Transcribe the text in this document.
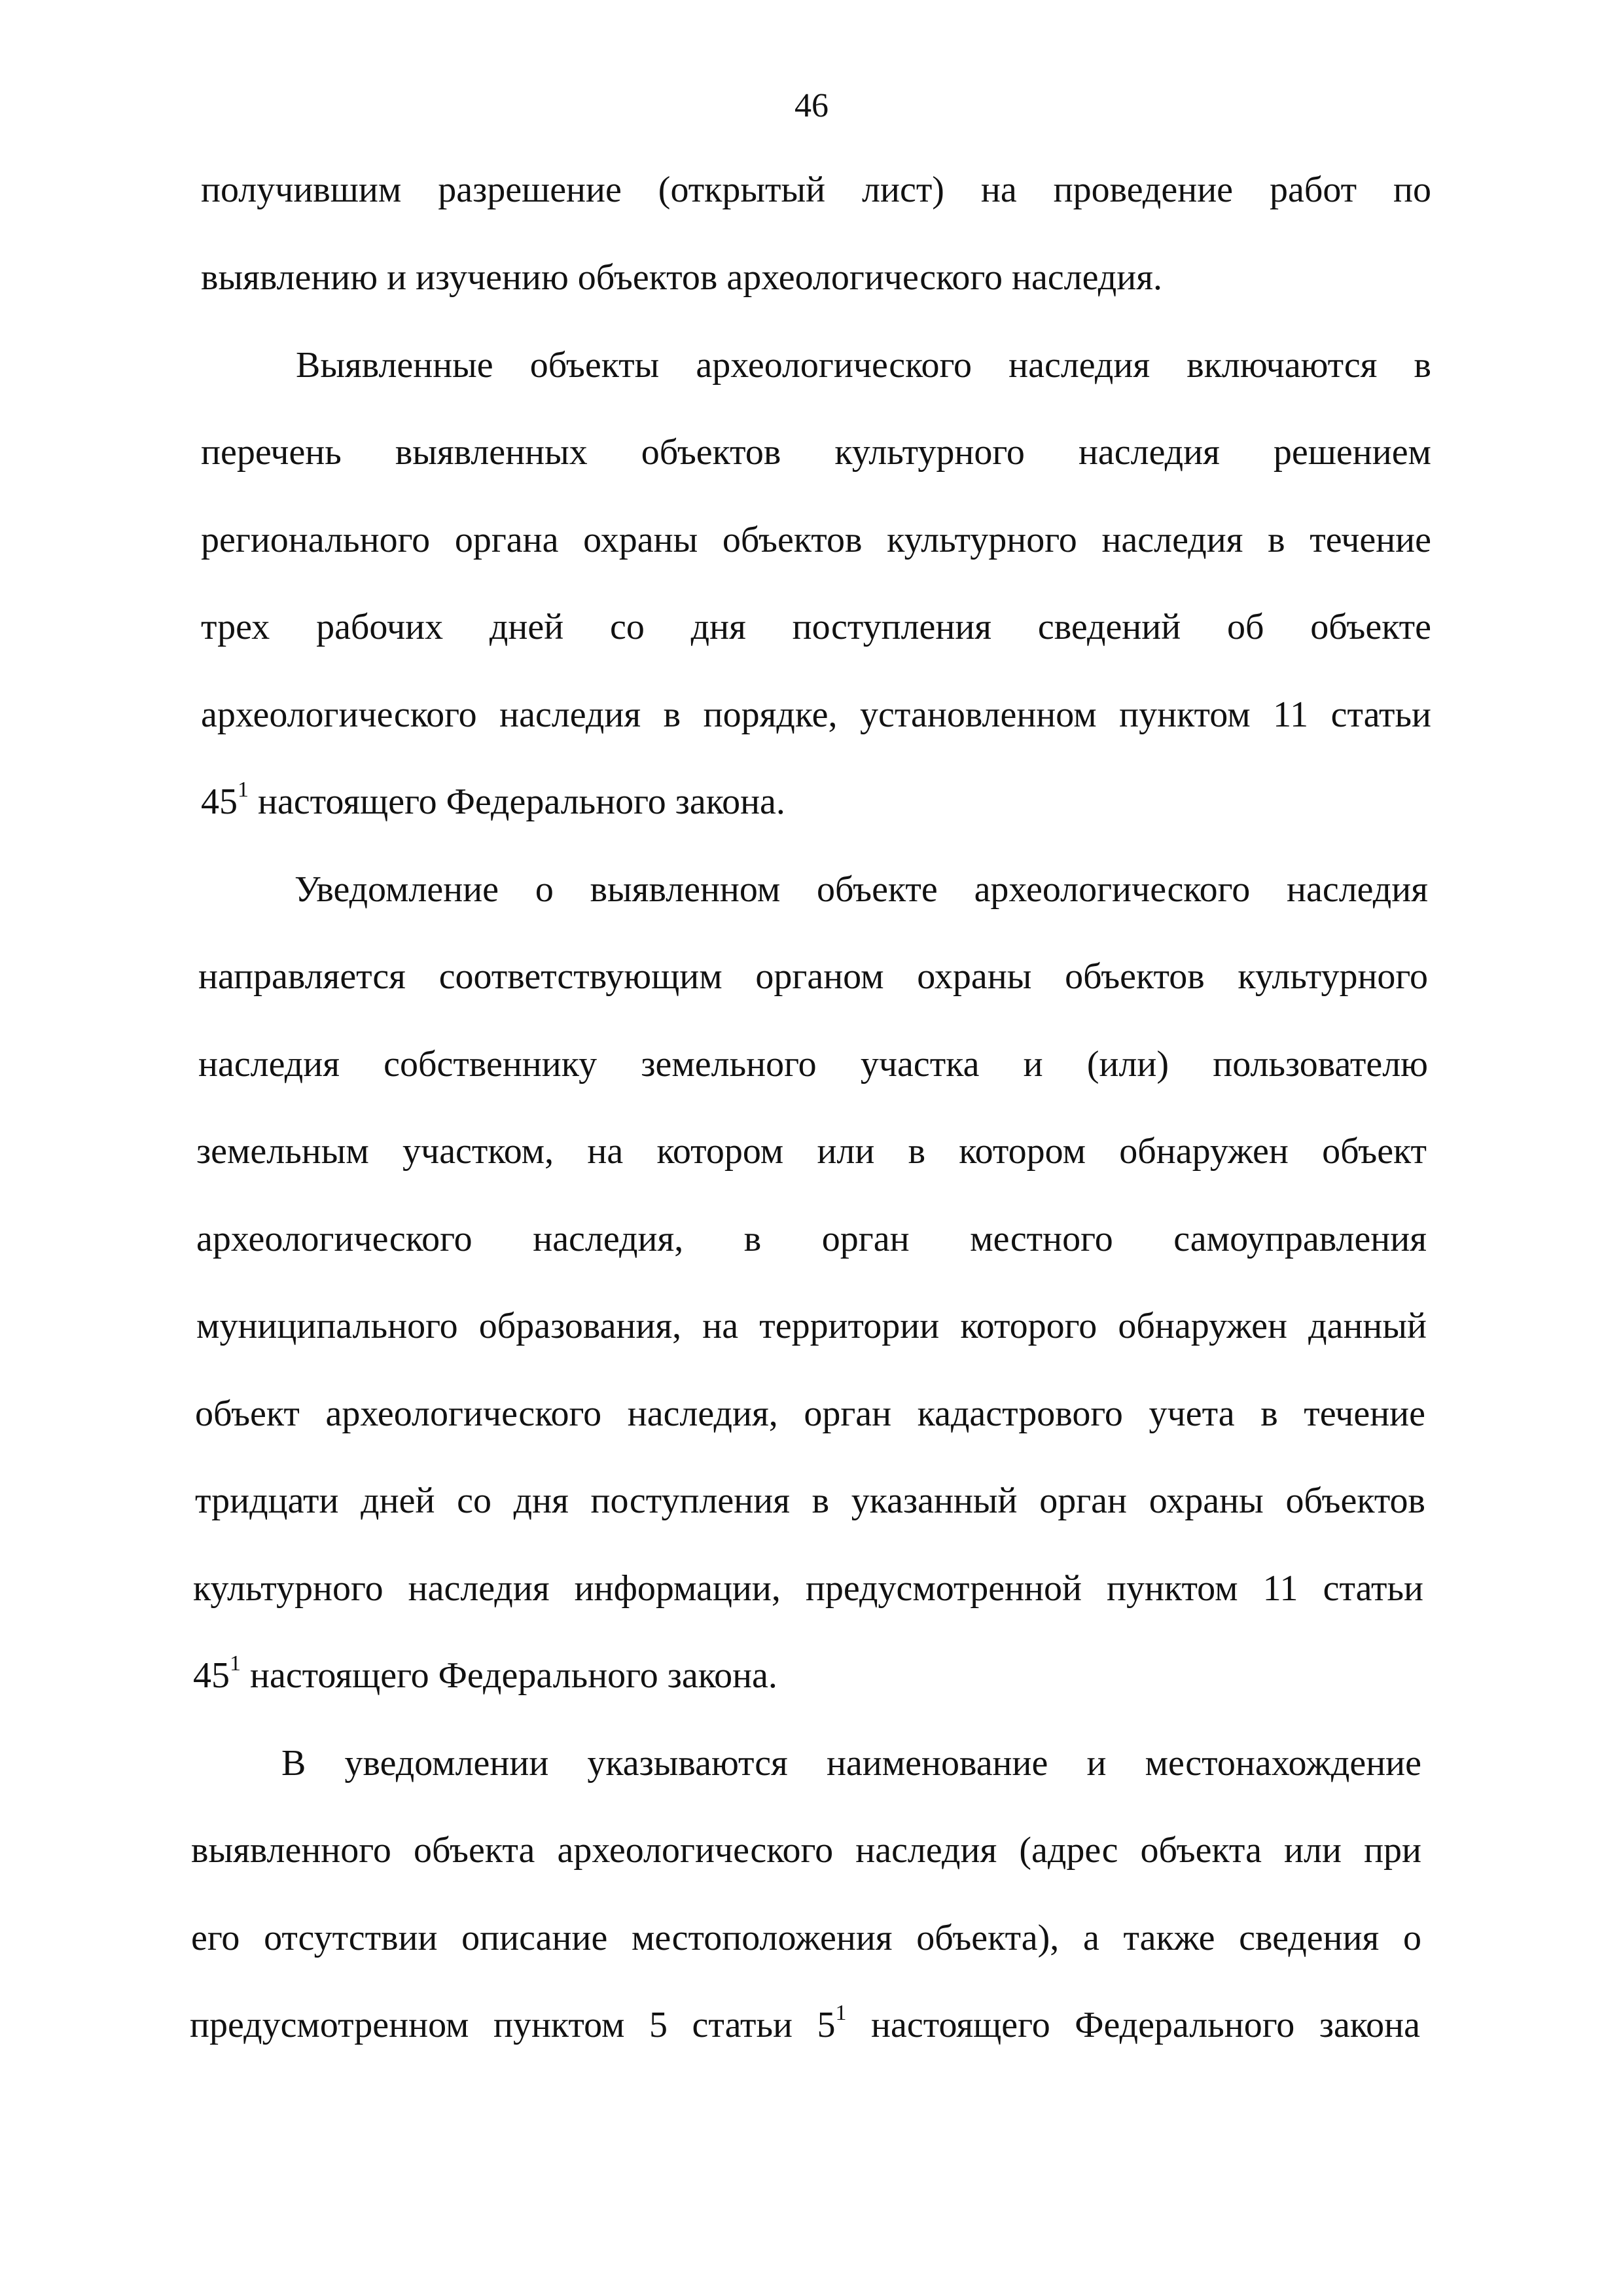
46
получившим разрешение (открытый лист) на проведение работ по
выявлению и изучению объектов археологического наследия.
Выявленные объекты археологического наследия включаются в
перечень выявленных объектов культурного наследия решением
регионального органа охраны объектов культурного наследия в течение
трех рабочих дней со дня поступления сведений об объекте
археологического наследия в порядке, установленном пунктом 11 статьи
$45^1$ настоящего Федерального закона.
Уведомление о выявленном объекте археологического наследия
направляется соответствующим органом охраны объектов культурного
наследия собственнику земельного участка и (или) пользователю
земельным участком, на котором или в котором обнаружен объект
археологического наследия, в орган местного самоуправления
муниципального образования, на территории которого обнаружен данный
объект археологического наследия, орган кадастрового учета в течение
тридцати дней со дня поступления в указанный орган охраны объектов
культурного наследия информации, предусмотренной пунктом 11 статьи
$45^1$ настоящего Федерального закона.
В уведомлении указываются наименование и местонахождение
выявленного объекта археологического наследия (адрес объекта или при
его отсутствии описание местоположения объекта), а также сведения о
предусмотренном пунктом 5 статьи $5^1$ настоящего Федерального закона
